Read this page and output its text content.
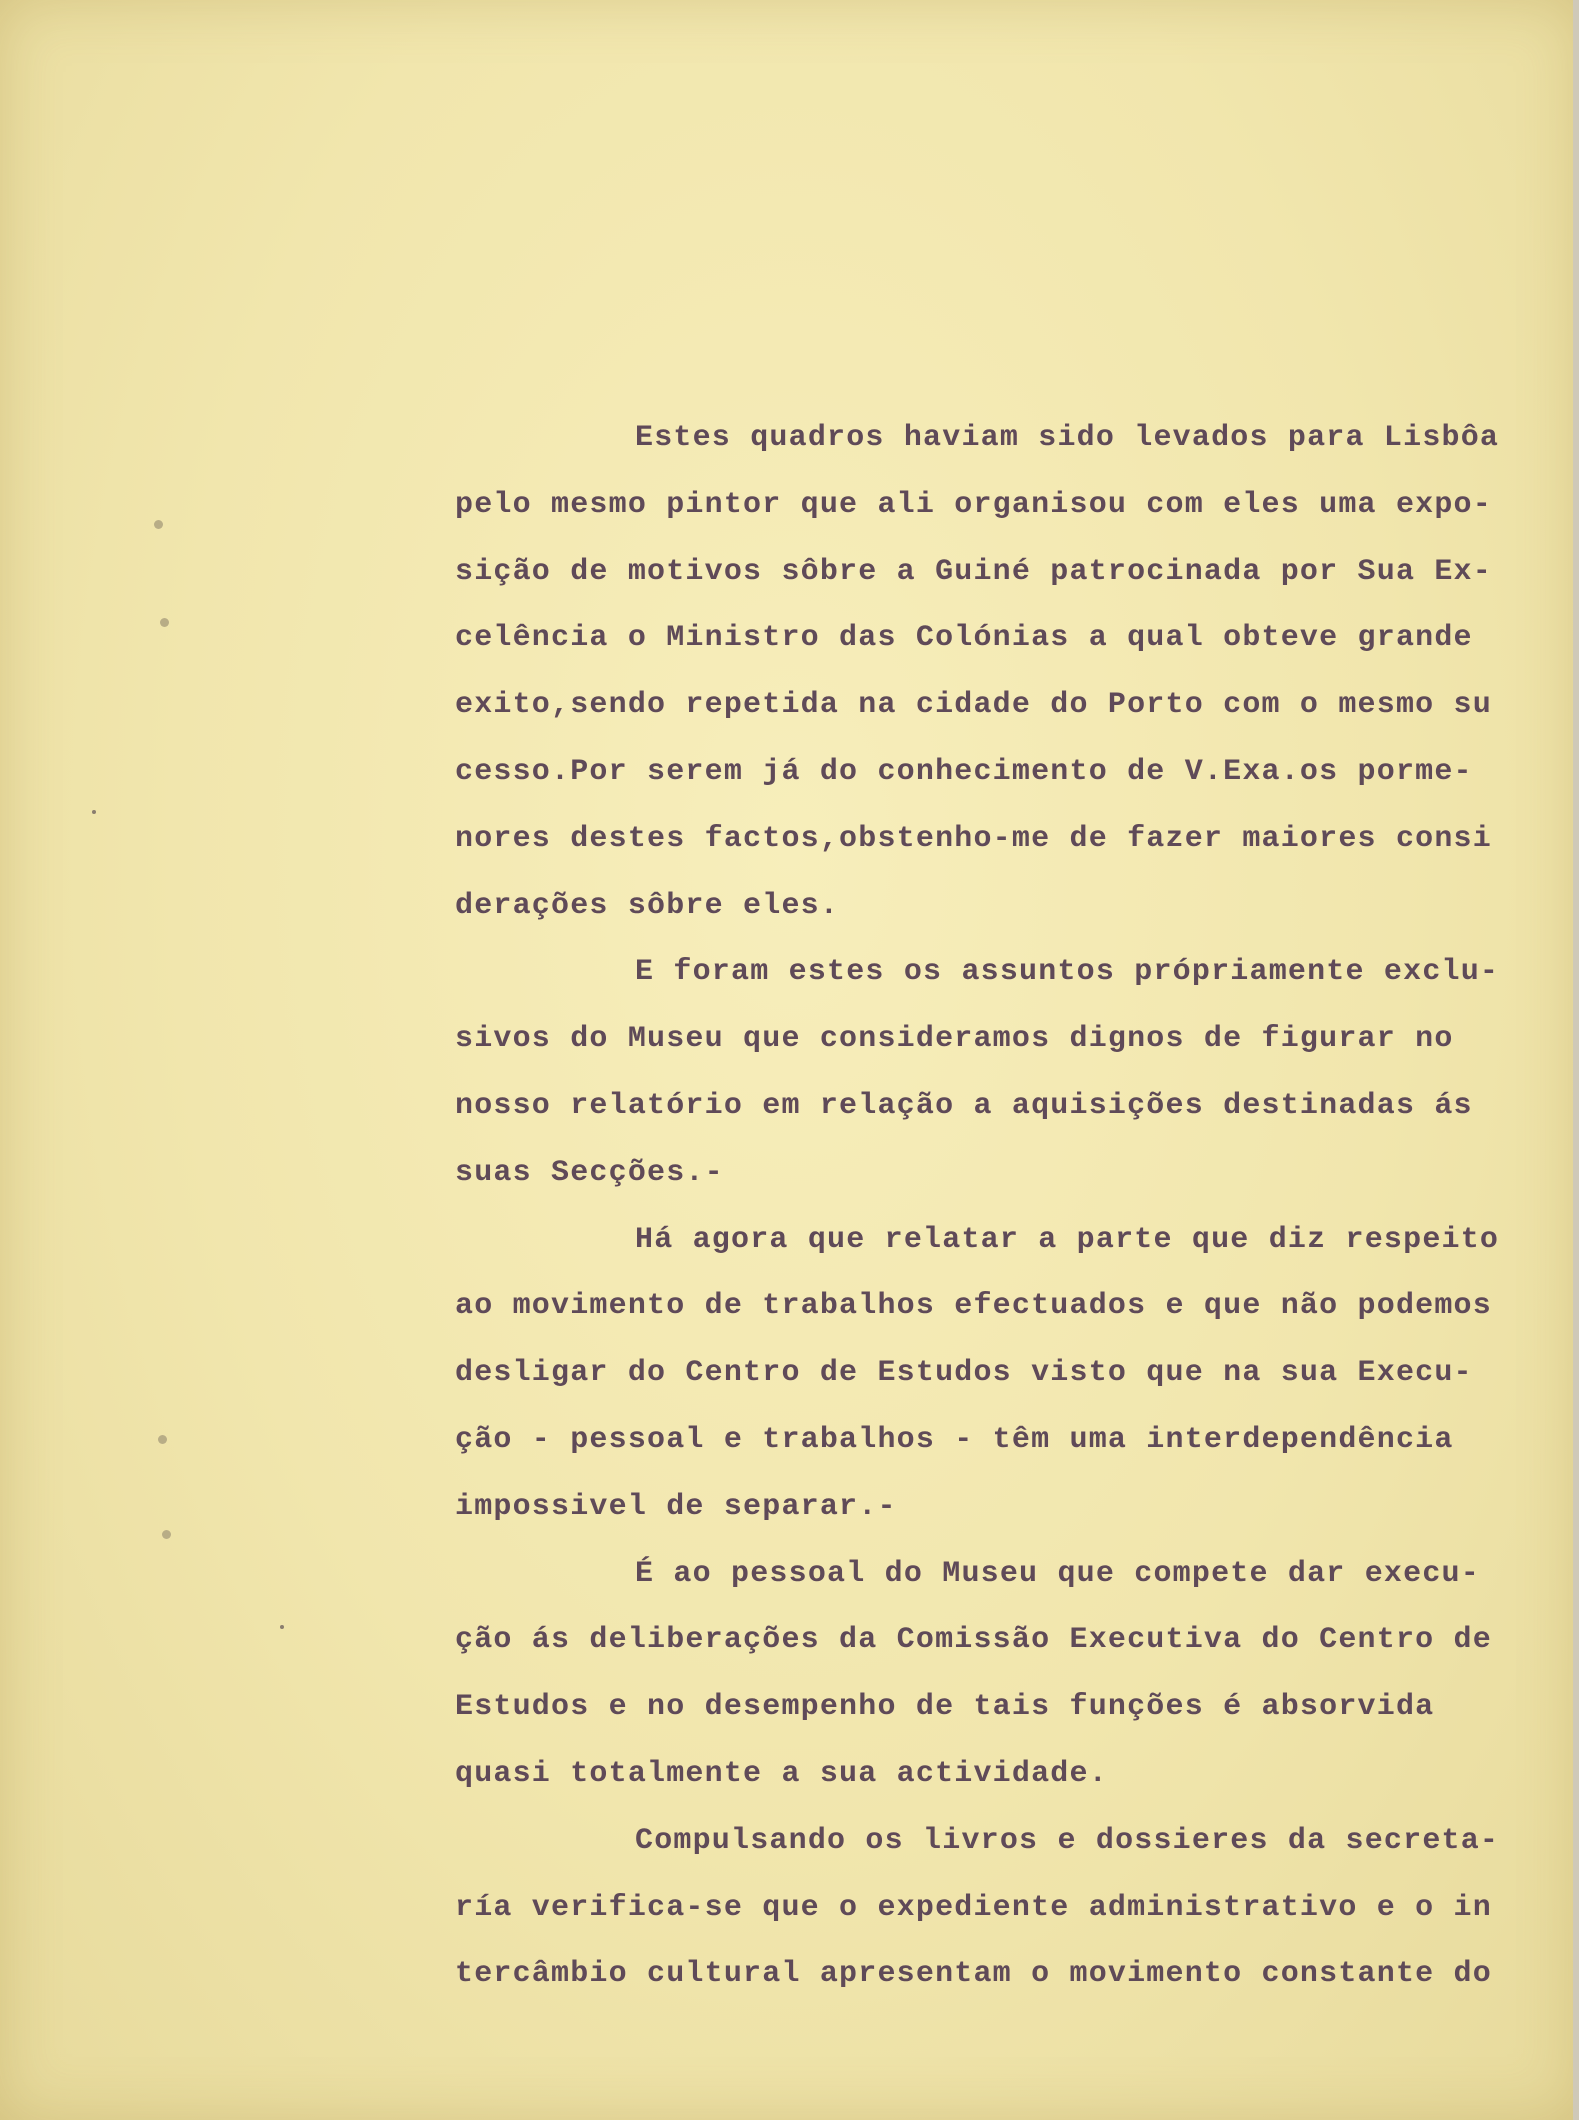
Estes quadros haviam sido levados para Lisbôa
pelo mesmo pintor que ali organisou com eles uma expo-
sição de motivos sôbre a Guiné patrocinada por Sua Ex-
celência o Ministro das Colónias a qual obteve grande
exito,sendo repetida na cidade do Porto com o mesmo su
cesso.Por serem já do conhecimento de V.Exa.os porme-
nores destes factos,obstenho-me de fazer maiores consi
derações sôbre eles.
E foram estes os assuntos própriamente exclu-
sivos do Museu que consideramos dignos de figurar no
nosso relatório em relação a aquisições destinadas ás
suas Secções.-
Há agora que relatar a parte que diz respeito
ao movimento de trabalhos efectuados e que não podemos
desligar do Centro de Estudos visto que na sua Execu-
ção - pessoal e trabalhos - têm uma interdependência
impossivel de separar.-
É ao pessoal do Museu que compete dar execu-
ção ás deliberações da Comissão Executiva do Centro de
Estudos e no desempenho de tais funções é absorvida
quasi totalmente a sua actividade.
Compulsando os livros e dossieres da secreta-
ría verifica-se que o expediente administrativo e o in
tercâmbio cultural apresentam o movimento constante do
